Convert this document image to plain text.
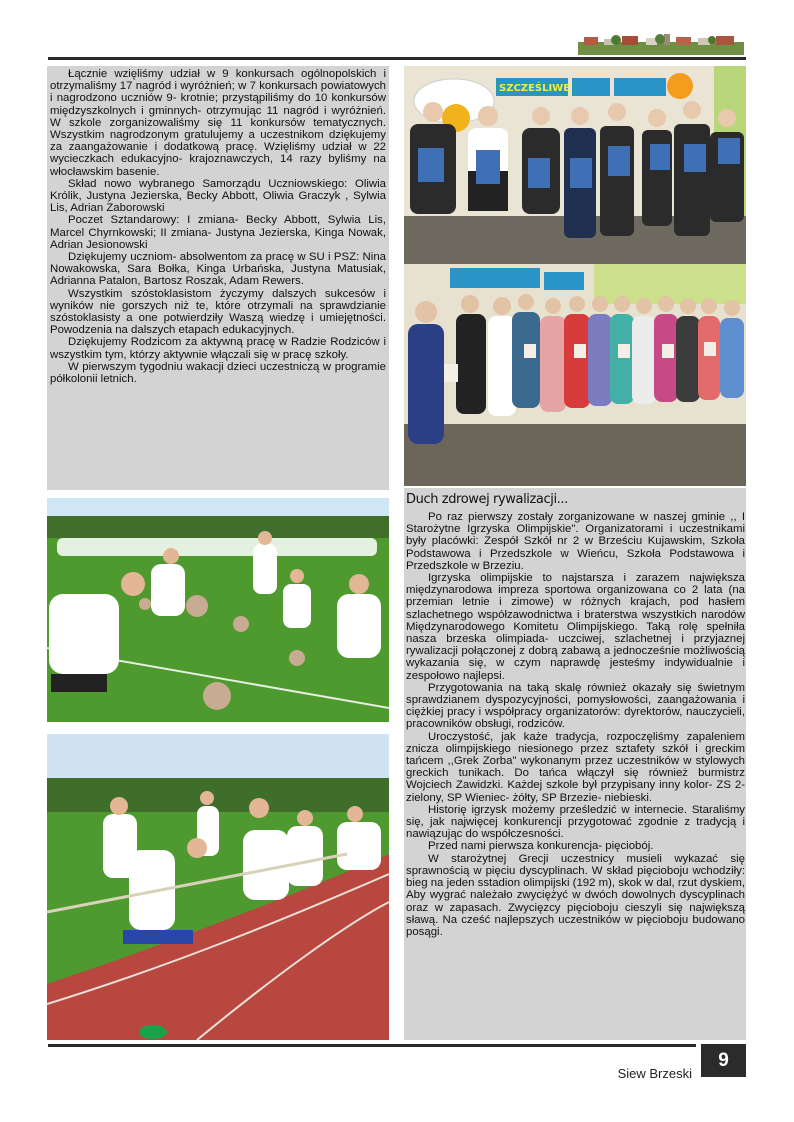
Łącznie wzięliśmy udział w 9 konkursach ogólnopolskich i otrzymaliśmy 17 nagród i wyróżnień; w 7 konkursach powiatowych i nagrodzono uczniów 9- krotnie; przystąpiliśmy do 10 konkursów międzyszkolnych i gminnych- otrzymując 11 nagród i wyróżnień. W szkole zorganizowaliśmy się 11 konkursów tematycznych. Wszystkim nagrodzonym gratulujemy a uczestnikom dziękujemy za zaangażowanie i dodatkową pracę. Wzięliśmy udział w 22 wycieczkach edukacyjno- krajoznawczych, 14 razy byliśmy na włocławskim basenie.

Skład nowo wybranego Samorządu Uczniowskiego: Oliwia Królik, Justyna Jezierska, Becky Abbott, Oliwia Graczyk , Sylwia Lis, Adrian Zaborowski

Poczet Sztandarowy: I zmiana- Becky Abbott, Sylwia Lis, Marcel Chyrnkowski; II zmiana- Justyna Jezierska, Kinga Nowak, Adrian Jesionowski

Dziękujemy uczniom- absolwentom za pracę w SU i PSZ: Nina Nowakowska, Sara Bołka, Kinga Urbańska, Justyna Matusiak, Adrianna Patalon, Bartosz Roszak, Adam Rewers.

Wszystkim szóstoklasistom życzymy dalszych sukcesów i wyników nie gorszych niż te, które otrzymali na sprawdzianie szóstoklasisty a one potwierdziły Waszą wiedzę i umiejętności. Powodzenia na dalszych etapach edukacyjnych.

Dziękujemy Rodzicom za aktywną pracę w Radzie Rodziców i wszystkim tym, którzy aktywnie włączali się w pracę szkoły.

W pierwszym tygodniu wakacji dzieci uczestniczą w programie półkolonii letnich.

SZCZEŚLIWE
Duch zdrowej rywalizacji...

Po raz pierwszy zostały zorganizowane w naszej gminie ,, I Starożytne Igrzyska Olimpijskie". Organizatorami i uczestnikami były placówki: Zespół Szkół nr 2 w Brześciu Kujawskim, Szkoła Podstawowa i Przedszkole w Wieńcu, Szkoła Podstawowa i Przedszkole w Brzeziu.

Igrzyska olimpijskie to najstarsza i zarazem największa międzynarodowa impreza sportowa organizowana co 2 lata (na przemian letnie i zimowe) w różnych krajach, pod hasłem szlachetnego współzawodnictwa i braterstwa wszystkich narodów Międzynarodowego Komitetu Olimpijskiego. Taką rolę spełniła nasza brzeska olimpiada- uczciwej, szlachetnej i przyjaznej rywalizacji połączonej z dobrą zabawą a jednocześnie możliwością wykazania się, w czym naprawdę jesteśmy indywidualnie i zespołowo najlepsi.

Przygotowania na taką skalę również okazały się świetnym sprawdzianem dyspozycyjności, pomysłowości, zaangażowania i ciężkiej pracy i współpracy organizatorów: dyrektorów, nauczycieli, pracowników obsługi, rodziców.

Uroczystość, jak każe tradycja, rozpoczęliśmy zapaleniem znicza olimpijskiego niesionego przez sztafety szkół i greckim tańcem ,,Grek Zorba" wykonanym przez uczestników w stylowych greckich tunikach. Do tańca włączył się również burmistrz Wojciech Zawidzki. Każdej szkole był przypisany inny kolor- ZS 2- zielony, SP Wieniec- żółty, SP Brzezie- niebieski.

Historię igrzysk możemy prześledzić w internecie. Staraliśmy się, jak najwięcej konkurencji przygotować zgodnie z tradycją i nawiązując do współczesności.

Przed nami pierwsza konkurencja- pięciobój.

W starożytnej Grecji uczestnicy musieli wykazać się sprawnością w pięciu dyscyplinach. W skład pięcioboju wchodziły: bieg na jeden sstadion olimpijski (192 m), skok w dal, rzut dyskiem, Aby wygrać należało zwyciężyć w dwóch dowolnych dyscyplinach oraz w zapasach. Zwycięzcy pięcioboju cieszyli się największą sławą. Na cześć najlepszych uczestników w pięcioboju budowano posągi.

Siew Brzeski
9
